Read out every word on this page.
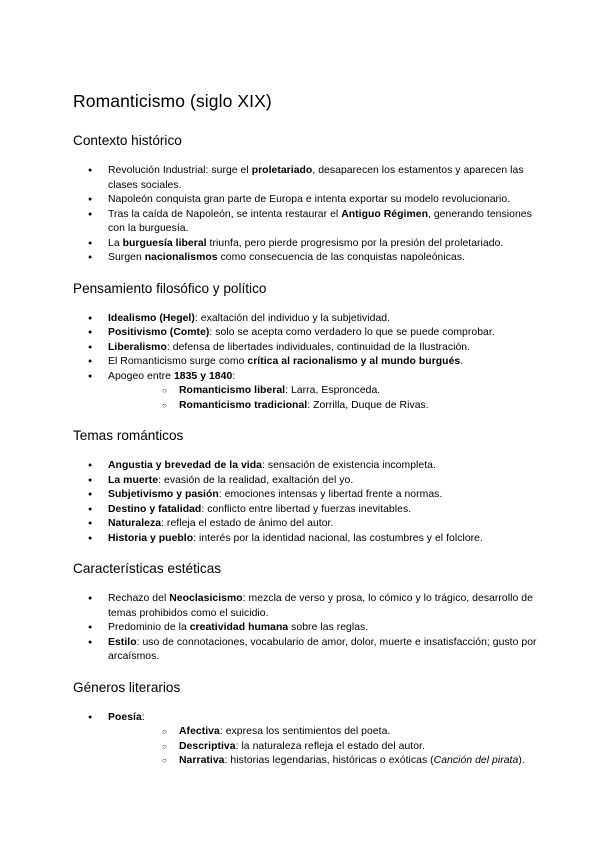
Romanticismo (siglo XIX)
Contexto histórico
● Revolución Industrial: surge el proletariado, desaparecen los estamentos y aparecen las clases sociales.
● Napoleón conquista gran parte de Europa e intenta exportar su modelo revolucionario.
● Tras la caída de Napoleón, se intenta restaurar el Antiguo Régimen, generando tensiones con la burguesía.
● La burguesía liberal triunfa, pero pierde progresismo por la presión del proletariado.
● Surgen nacionalismos como consecuencia de las conquistas napoleónicas.
Pensamiento filosófico y político
● Idealismo (Hegel): exaltación del individuo y la subjetividad.
● Positivismo (Comte): solo se acepta como verdadero lo que se puede comprobar.
● Liberalismo: defensa de libertades individuales, continuidad de la Ilustración.
● El Romanticismo surge como crítica al racionalismo y al mundo burgués.
● Apogeo entre 1835 y 1840:
○ Romanticismo liberal: Larra, Espronceda.
○ Romanticismo tradicional: Zorrilla, Duque de Rivas.
Temas románticos
● Angustia y brevedad de la vida: sensación de existencia incompleta.
● La muerte: evasión de la realidad, exaltación del yo.
● Subjetivismo y pasión: emociones intensas y libertad frente a normas.
● Destino y fatalidad: conflicto entre libertad y fuerzas inevitables.
● Naturaleza: refleja el estado de ánimo del autor.
● Historia y pueblo: interés por la identidad nacional, las costumbres y el folclore.
Características estéticas
● Rechazo del Neoclasicismo: mezcla de verso y prosa, lo cómico y lo trágico, desarrollo de temas prohibidos como el suicidio.
● Predominio de la creatividad humana sobre las reglas.
● Estilo: uso de connotaciones, vocabulario de amor, dolor, muerte e insatisfacción; gusto por arcaísmos.
Géneros literarios
● Poesía:
○ Afectiva: expresa los sentimientos del poeta.
○ Descriptiva: la naturaleza refleja el estado del autor.
○ Narrativa: historias legendarias, históricas o exóticas (Canción del pirata).
